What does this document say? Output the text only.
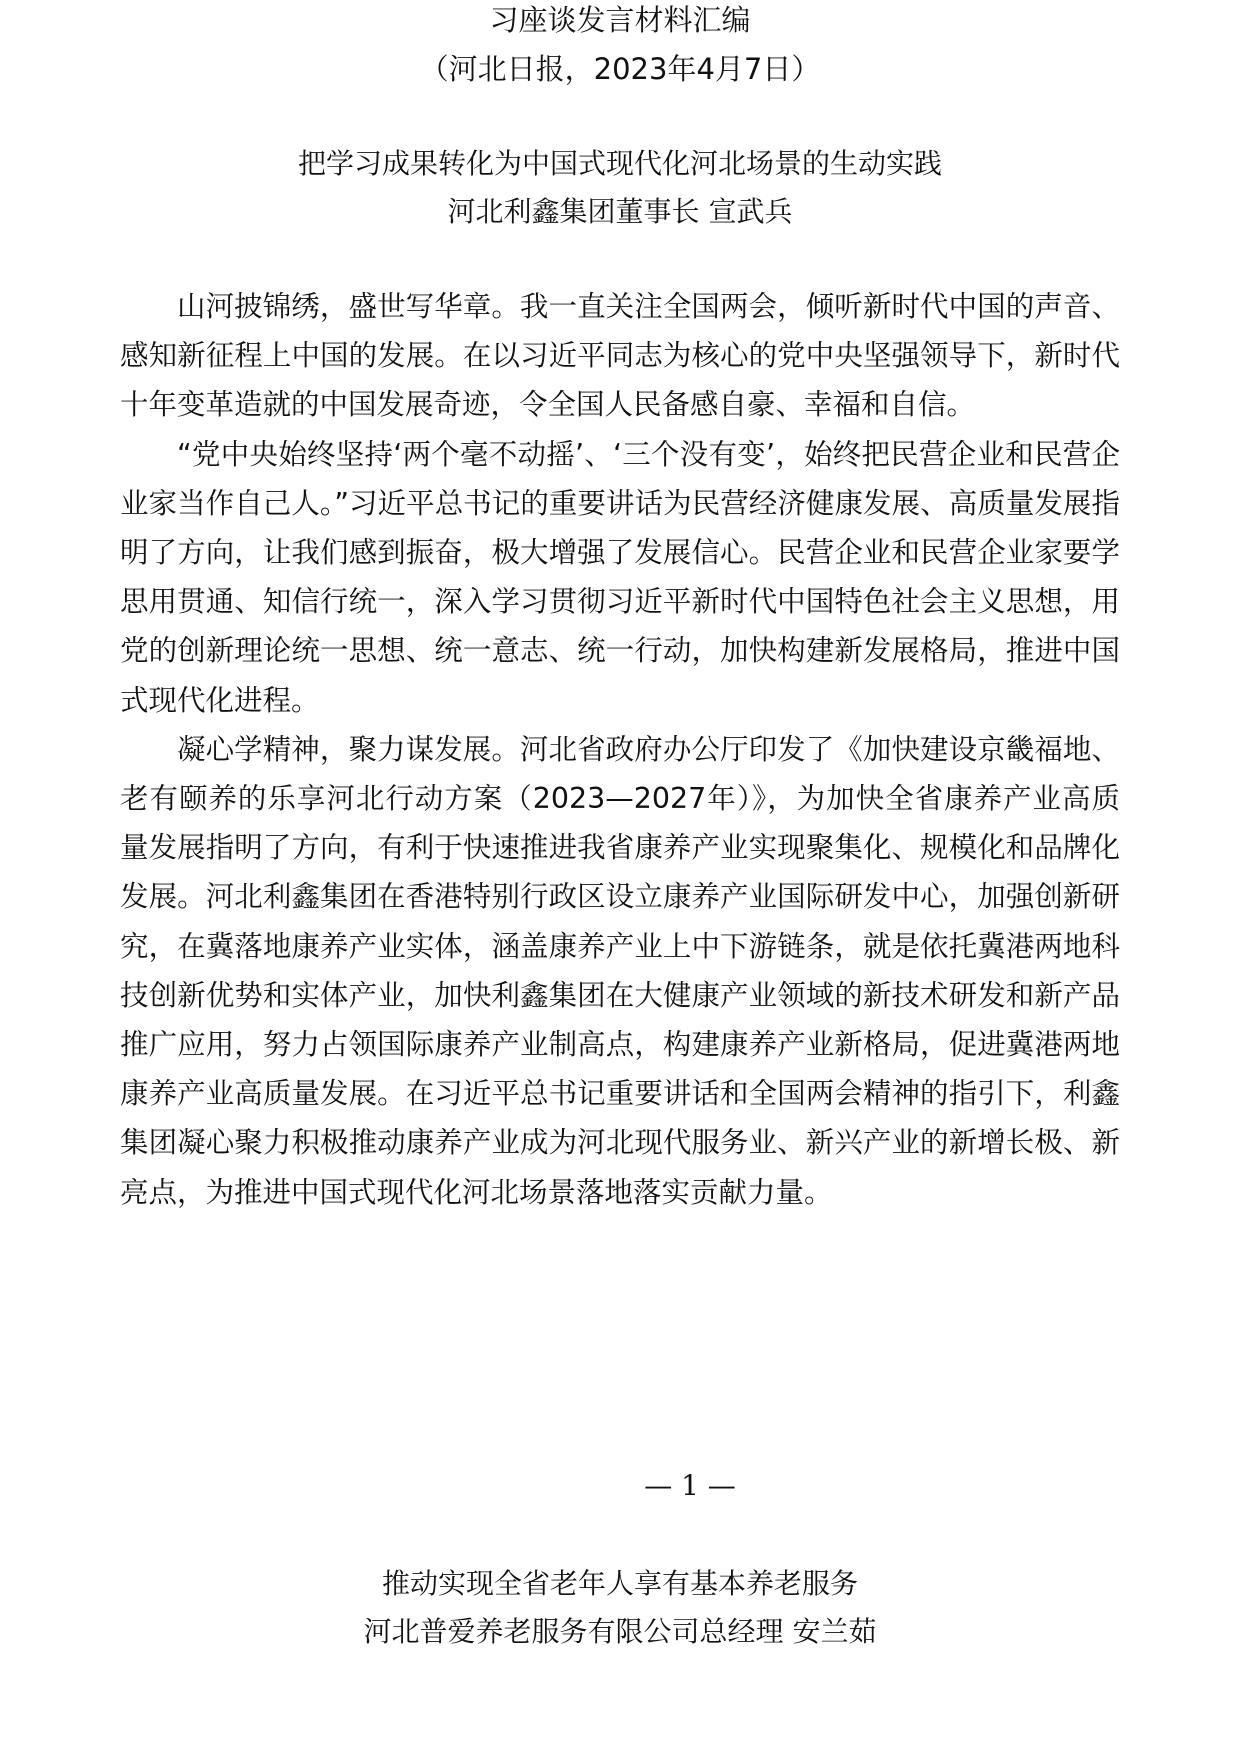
习座谈发言材料汇编
（河北日报，2023年4月7日）
把学习成果转化为中国式现代化河北场景的生动实践
河北利鑫集团董事长 宣武兵

山河披锦绣，盛世写华章。我一直关注全国两会，倾听新时代中国的声音、感知新征程上中国的发展。在以习近平同志为核心的党中央坚强领导下，新时代十年变革造就的中国发展奇迹，令全国人民备感自豪、幸福和自信。

“党中央始终坚持‘两个毫不动摇’、‘三个没有变’，始终把民营企业和民营企业家当作自己人。”习近平总书记的重要讲话为民营经济健康发展、高质量发展指明了方向，让我们感到振奋，极大增强了发展信心。民营企业和民营企业家要学思用贯通、知信行统一，深入学习贯彻习近平新时代中国特色社会主义思想，用党的创新理论统一思想、统一意志、统一行动，加快构建新发展格局，推进中国式现代化进程。

凝心学精神，聚力谋发展。河北省政府办公厅印发了《加快建设京畿福地、老有颐养的乐享河北行动方案（2023—2027年）》，为加快全省康养产业高质量发展指明了方向，有利于快速推进我省康养产业实现聚集化、规模化和品牌化发展。河北利鑫集团在香港特别行政区设立康养产业国际研发中心，加强创新研究，在冀落地康养产业实体，涵盖康养产业上中下游链条，就是依托冀港两地科技创新优势和实体产业，加快利鑫集团在大健康产业领域的新技术研发和新产品推广应用，努力占领国际康养产业制高点，构建康养产业新格局，促进冀港两地康养产业高质量发展。在习近平总书记重要讲话和全国两会精神的指引下，利鑫集团凝心聚力积极推动康养产业成为河北现代服务业、新兴产业的新增长极、新亮点，为推进中国式现代化河北场景落地落实贡献力量。

— 1 —
推动实现全省老年人享有基本养老服务
河北普爱养老服务有限公司总经理 安兰茹
